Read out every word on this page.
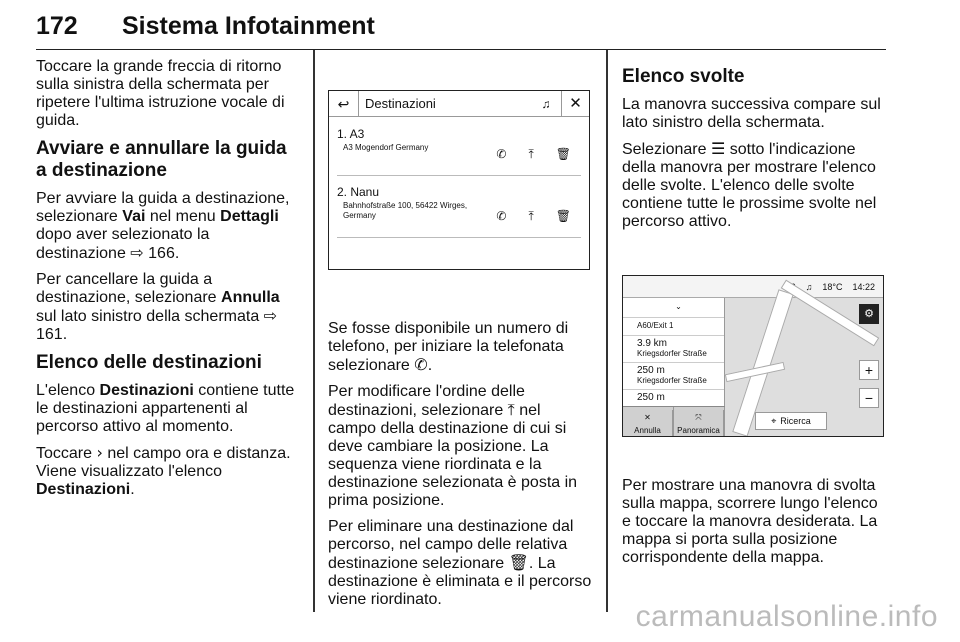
172 Sistema Infotainment

Toccare la grande freccia di ritorno sulla sinistra della schermata per ripetere l'ultima istruzione vocale di guida.

Avviare e annullare la guida a destinazione

Per avviare la guida a destinazione, selezionare Vai nel menu Dettagli dopo aver selezionato la destinazione ⇨ 166.

Per cancellare la guida a destinazione, selezionare Annulla sul lato sinistro della schermata ⇨ 161.

Elenco delle destinazioni

L'elenco Destinazioni contiene tutte le destinazioni appartenenti al percorso attivo al momento.

Toccare › nel campo ora e distanza. Viene visualizzato l'elenco Destinazioni.

↩	Destinazioni	♫	✕
1. A3
A3 Mogendorf Germany	✆ ⤒ 🗑
2. Nanu
Bahnhofstraße 100, 56422 Wirges,
Germany	✆ ⤒ 🗑

Se fosse disponibile un numero di telefono, per iniziare la telefonata selezionare ✆.

Per modificare l'ordine delle destinazioni, selezionare ⤒ nel campo della destinazione di cui si deve cambiare la posizione. La sequenza viene riordinata e la destinazione selezionata è posta in prima posizione.

Per eliminare una destinazione dal percorso, nel campo delle relativa destinazione selezionare 🗑. La destinazione è eliminata e il percorso viene riordinato.

Elenco svolte

La manovra successiva compare sul lato sinistro della schermata.

Selezionare ☰ sotto l'indicazione della manovra per mostrare l'elenco delle svolte. L'elenco delle svolte contiene tutte le prossime svolte nel percorso attivo.

♫ 18°C 14:22
⌄
A60/Exit 1
3.9 km
Kriegsdorfer Straße
250 m
Kriegsdorfer Straße
250 m
⚙
+
−
✕
Annulla
⤧
Panoramica
⌖ Ricerca

Per mostrare una manovra di svolta sulla mappa, scorrere lungo l'elenco e toccare la manovra desiderata. La mappa si porta sulla posizione corrispondente della mappa.

carmanualsonline.info
